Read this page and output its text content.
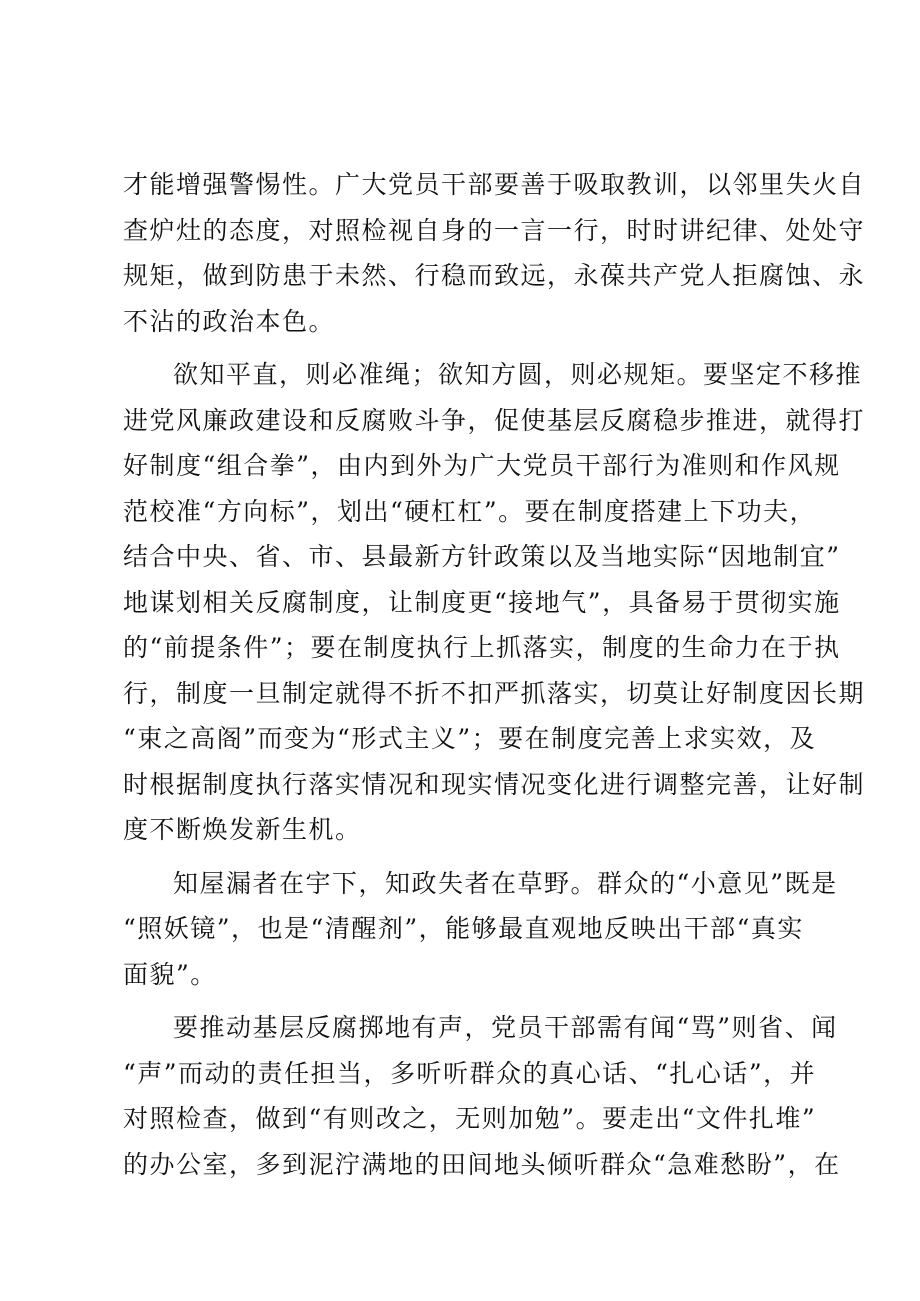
才能增强警惕性。广大党员干部要善于吸取教训，以邻里失火自
查炉灶的态度，对照检视自身的一言一行，时时讲纪律、处处守
规矩，做到防患于未然、行稳而致远，永葆共产党人拒腐蚀、永
不沾的政治本色。
欲知平直，则必准绳；欲知方圆，则必规矩。要坚定不移推
进党风廉政建设和反腐败斗争，促使基层反腐稳步推进，就得打
好制度“组合拳”，由内到外为广大党员干部行为准则和作风规
范校准“方向标”，划出“硬杠杠”。要在制度搭建上下功夫，
结合中央、省、市、县最新方针政策以及当地实际“因地制宜”
地谋划相关反腐制度，让制度更“接地气”，具备易于贯彻实施
的“前提条件”；要在制度执行上抓落实，制度的生命力在于执
行，制度一旦制定就得不折不扣严抓落实，切莫让好制度因长期
“束之高阁”而变为“形式主义”；要在制度完善上求实效，及
时根据制度执行落实情况和现实情况变化进行调整完善，让好制
度不断焕发新生机。
知屋漏者在宇下，知政失者在草野。群众的“小意见”既是
“照妖镜”，也是“清醒剂”，能够最直观地反映出干部“真实
面貌”。
要推动基层反腐掷地有声，党员干部需有闻“骂”则省、闻
“声”而动的责任担当，多听听群众的真心话、“扎心话”，并
对照检查，做到“有则改之，无则加勉”。要走出“文件扎堆”
的办公室，多到泥泞满地的田间地头倾听群众“急难愁盼”，在
